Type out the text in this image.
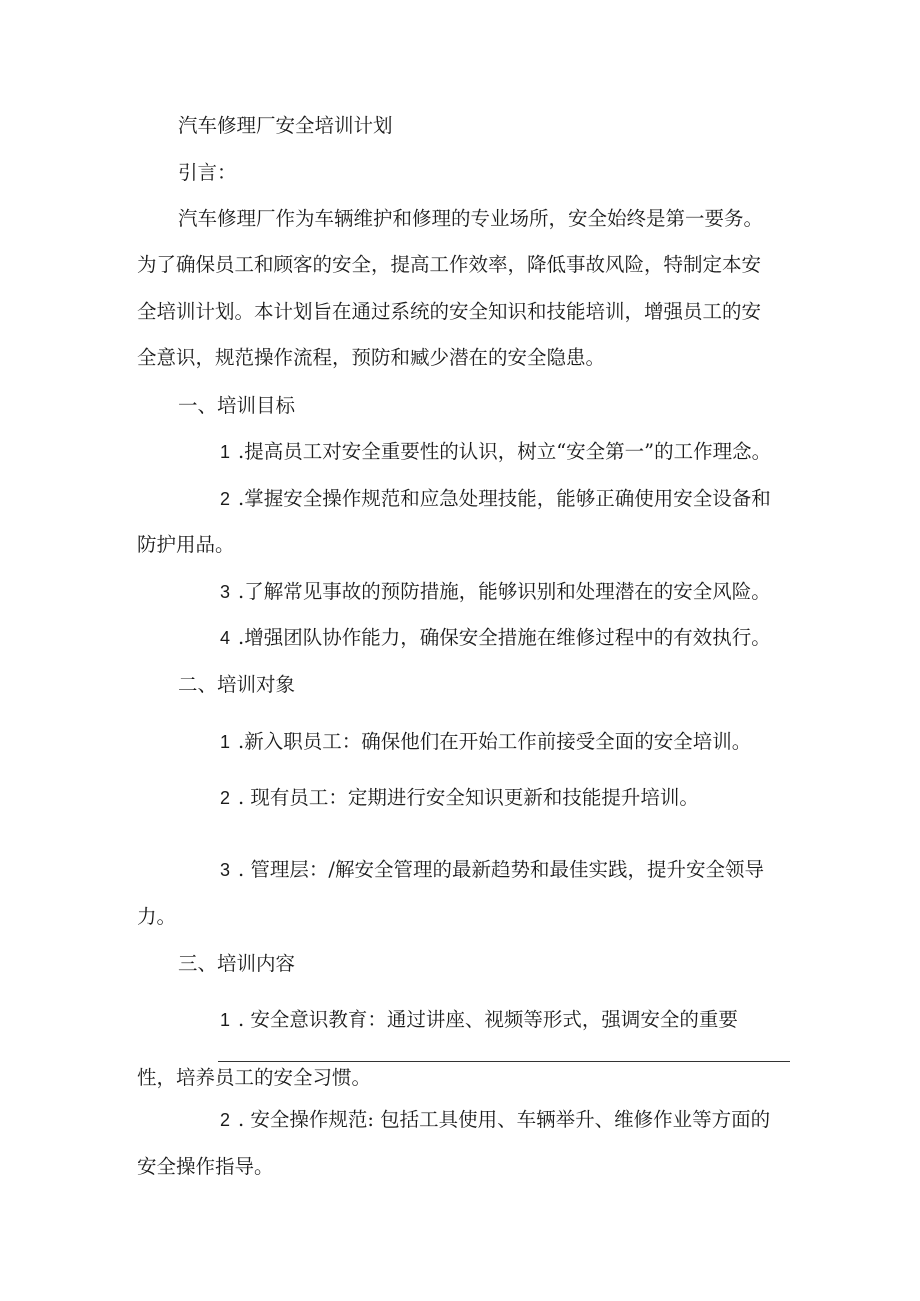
汽车修理厂安全培训计划
引言：
汽车修理厂作为车辆维护和修理的专业场所，安全始终是第一要务。
为了确保员工和顾客的安全，提高工作效率，降低事故风险，特制定本安
全培训计划。本计划旨在通过系统的安全知识和技能培训，增强员工的安
全意识，规范操作流程，预防和臧少潜在的安全隐患。
一、培训目标
1 .提高员工对安全重要性的认识，树立“安全第一”的工作理念。
2 .掌握安全操作规范和应急处理技能，能够正确使用安全设备和
防护用品。
3 .了解常见事故的预防措施，能够识别和处理潜在的安全风险。
4 .增强团队协作能力，确保安全措施在维修过程中的有效执行。
二、培训对象
1 .新入职员工：确保他们在开始工作前接受全面的安全培训。
2 . 现有员工：定期进行安全知识更新和技能提升培训。
3 . 管理层：/解安全管理的最新趋势和最佳实践，提升安全领导
力。
三、培训内容
1 . 安全意识教育：通过讲座、视频等形式，强调安全的重要
性，培养员工的安全习惯。
2 . 安全操作规范: 包括工具使用、车辆举升、维修作业等方面的
安全操作指导。
